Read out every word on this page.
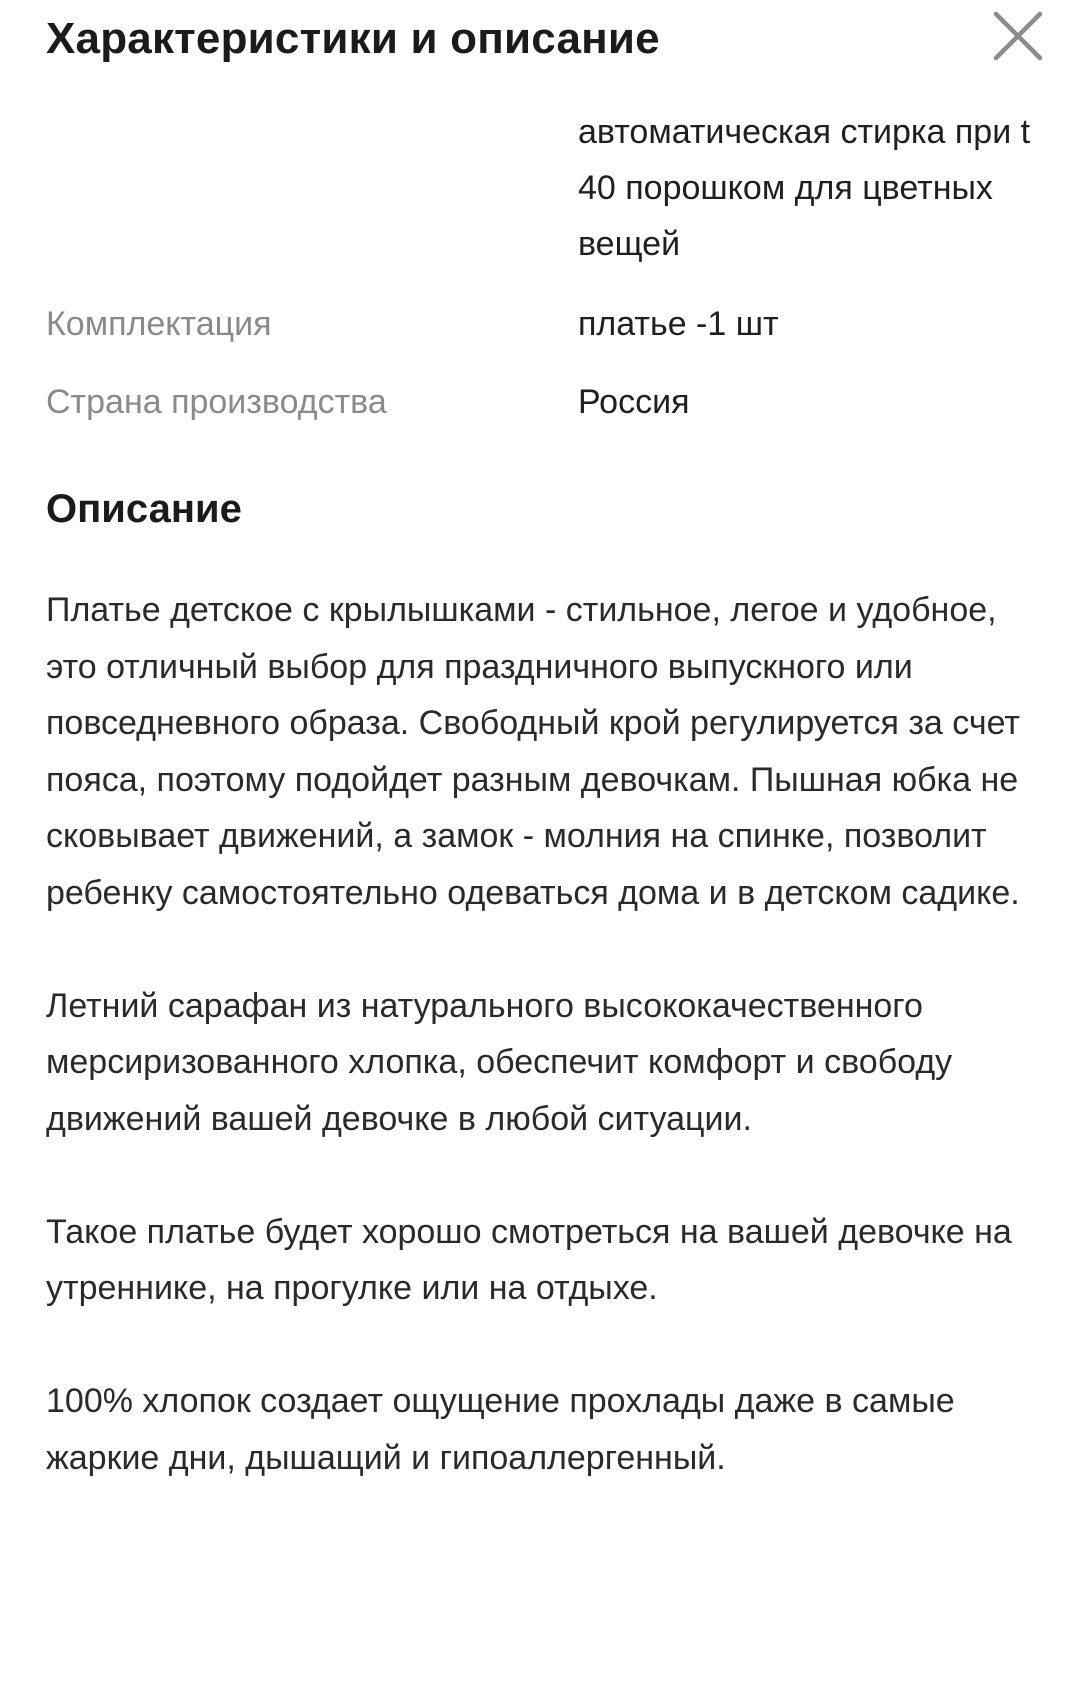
Характеристики и описание
автоматическая стирка при t 40 порошком для цветных вещей
Комплектация	платье -1 шт
Страна производства	Россия
Описание

Платье детское с крылышками - стильное, легое и удобное, это отличный выбор для праздничного выпускного или повседневного образа. Свободный крой регулируется за счет пояса, поэтому подойдет разным девочкам. Пышная юбка не сковывает движений, а замок - молния на спинке, позволит ребенку самостоятельно одеваться дома и в детском садике.

Летний сарафан из натурального высококачественного мерсиризованного хлопка, обеспечит комфорт и свободу движений вашей девочке в любой ситуации.

Такое платье будет хорошо смотреться на вашей девочке на утреннике, на прогулке или на отдыхе.

100% хлопок создает ощущение прохлады даже в самые жаркие дни, дышащий и гипоаллергенный.
